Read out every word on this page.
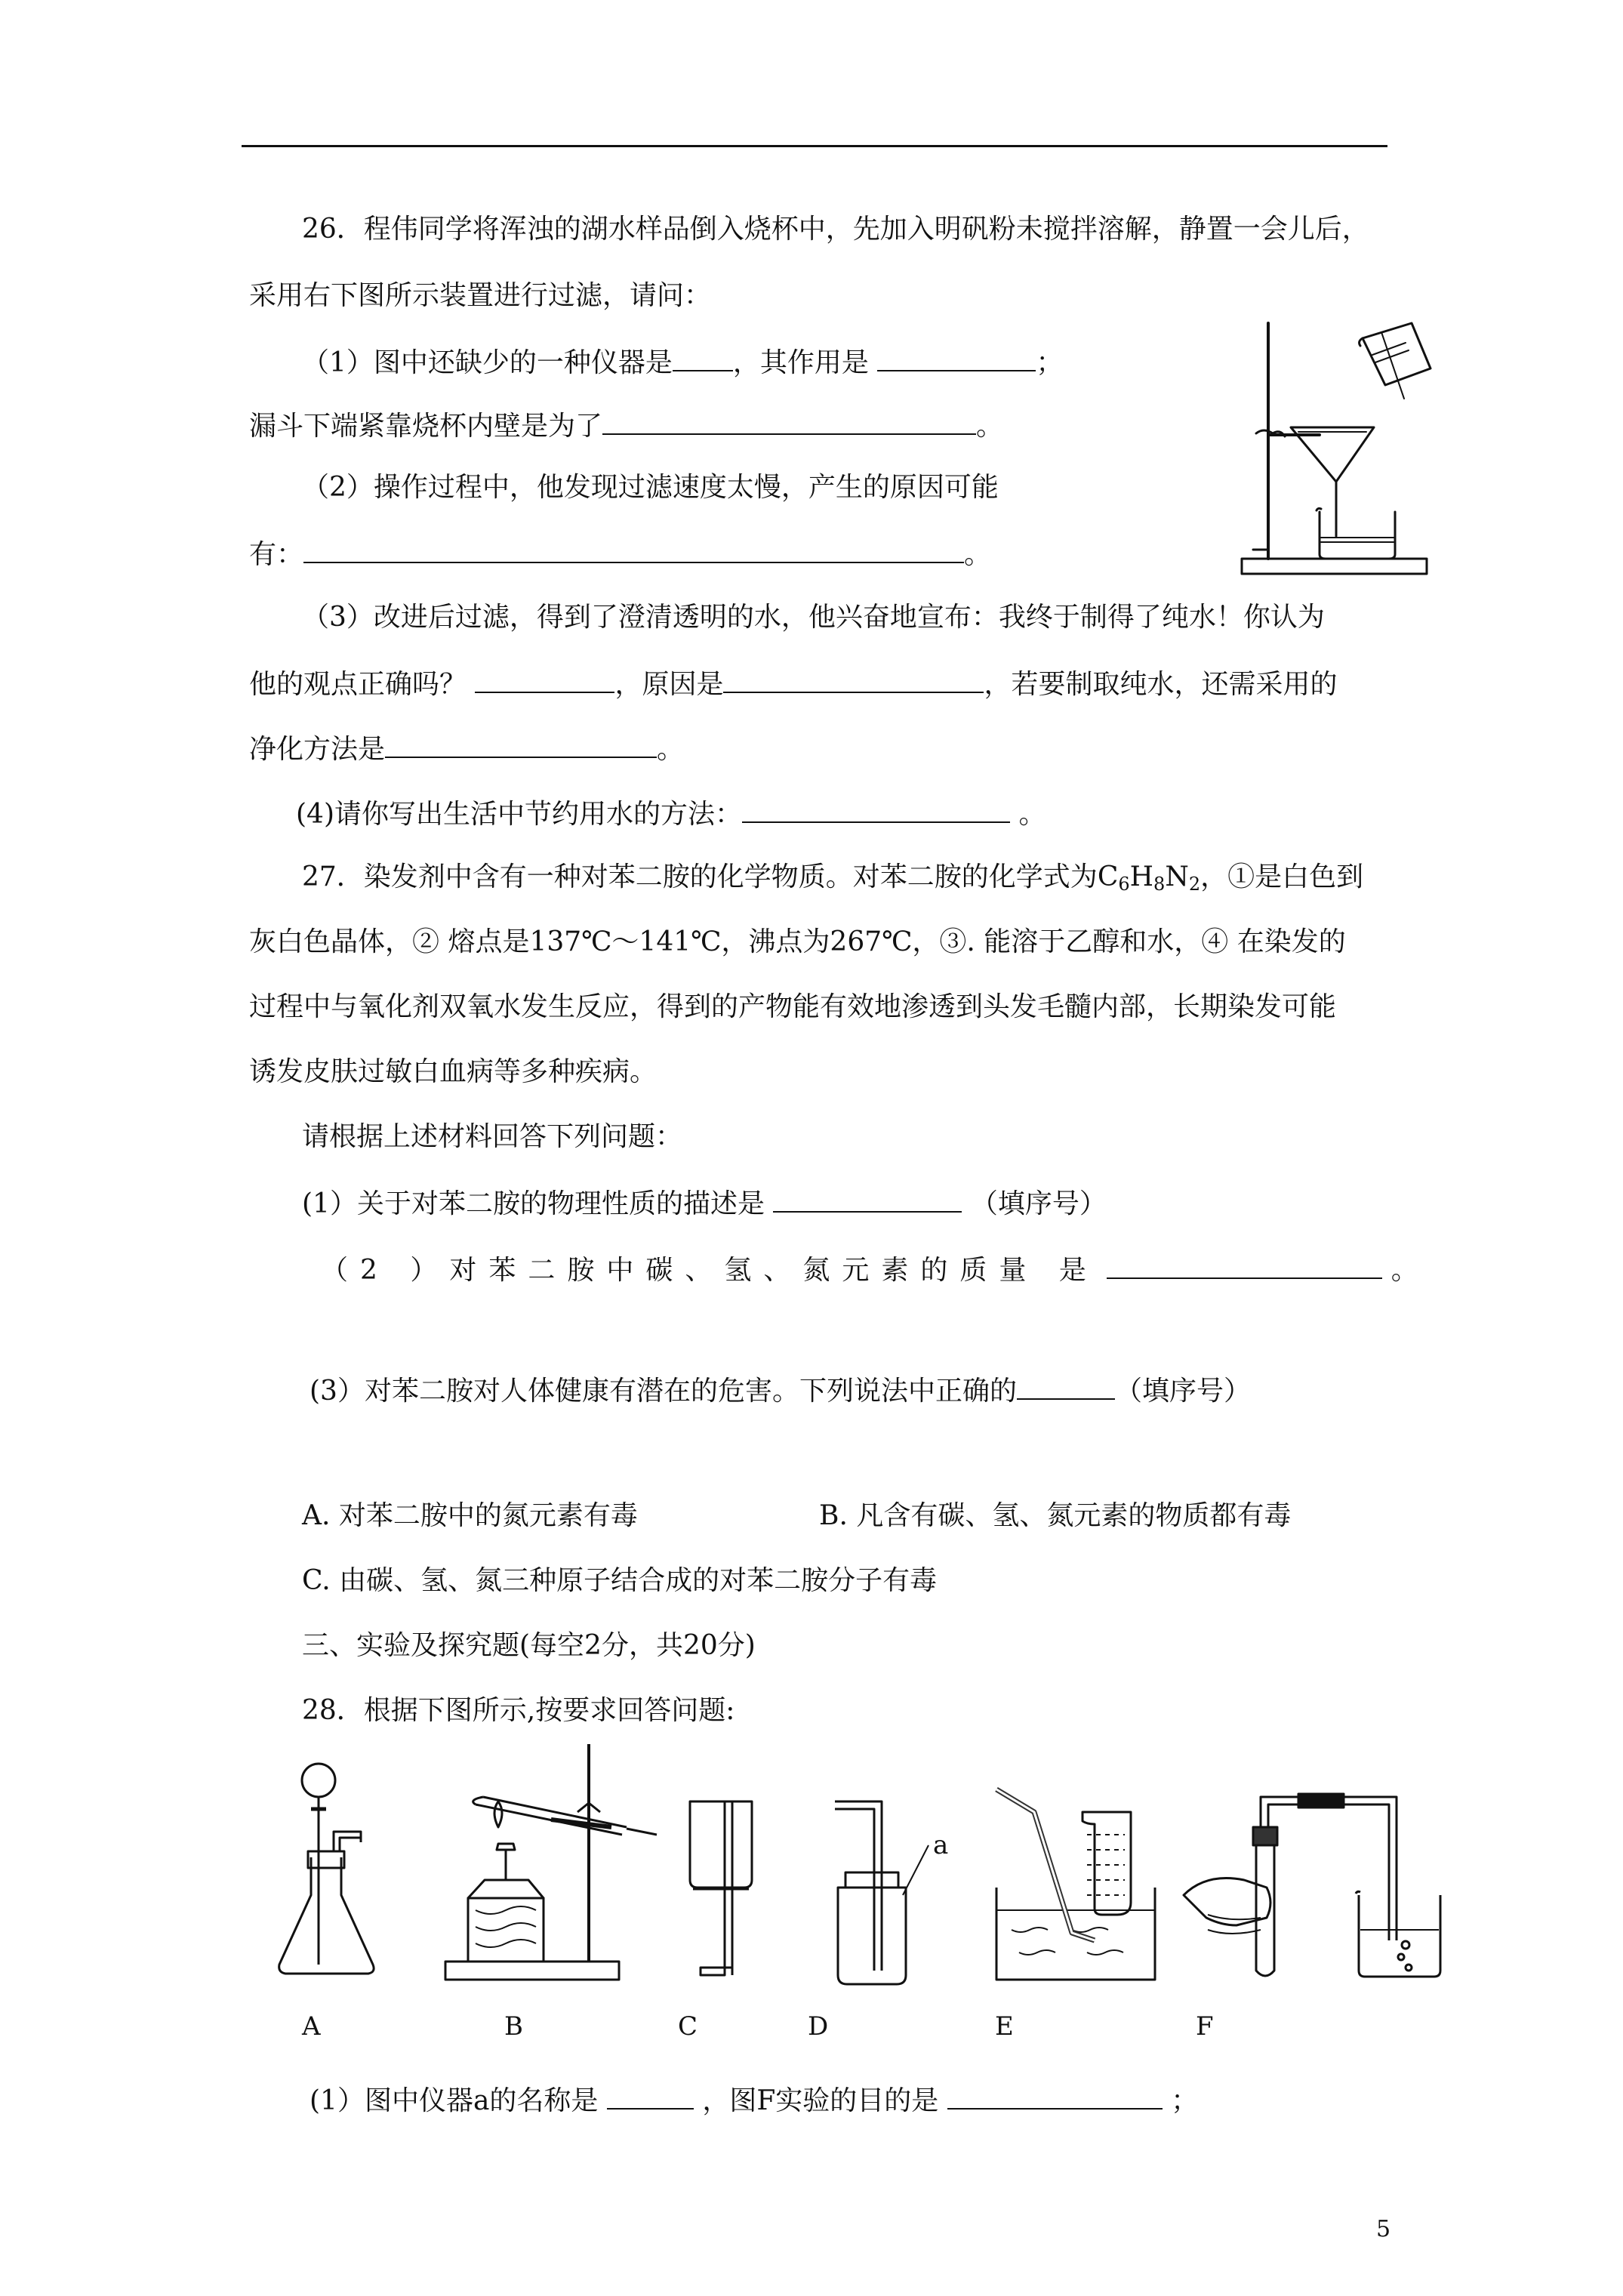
26．程伟同学将浑浊的湖水样品倒入烧杯中，先加入明矾粉未搅拌溶解，静置一会儿后，
采用右下图所示装置进行过滤，请问：
（1）图中还缺少的一种仪器是 ，其作用是	；
漏斗下端紧靠烧杯内壁是为了	。
（2）操作过程中，他发现过滤速度太慢，产生的原因可能
有：	。
（3）改进后过滤，得到了澄清透明的水，他兴奋地宣布：我终于制得了纯水！你认为
他的观点正确吗？	，原因是	，若要制取纯水，还需采用的
净化方法是	。
(4)请你写出生活中节约用水的方法：	。
27．染发剂中含有一种对苯二胺的化学物质。对苯二胺的化学式为$C_6H_8N_2$，①是白色到
灰白色晶体，② 熔点是137℃～141℃，沸点为267℃，③. 能溶于乙醇和水，④ 在染发的
过程中与氧化剂双氧水发生反应，得到的产物能有效地渗透到头发毛髓内部，长期染发可能
诱发皮肤过敏白血病等多种疾病。
请根据上述材料回答下列问题：
(1）关于对苯二胺的物理性质的描述是	（填序号）
（2 ）对苯二胺中碳、氢、氮元素的质量 是	。
(3）对苯二胺对人体健康有潜在的危害。下列说法中正确的	（填序号）
A. 对苯二胺中的氮元素有毒	B. 凡含有碳、氢、氮元素的物质都有毒
C. 由碳、氢、氮三种原子结合成的对苯二胺分子有毒
三、实验及探究题(每空2分，共20分)
28．根据下图所示,按要求回答问题:
a
A	B	C	D	E	F
(1）图中仪器a的名称是	，图F实验的目的是	；
5
